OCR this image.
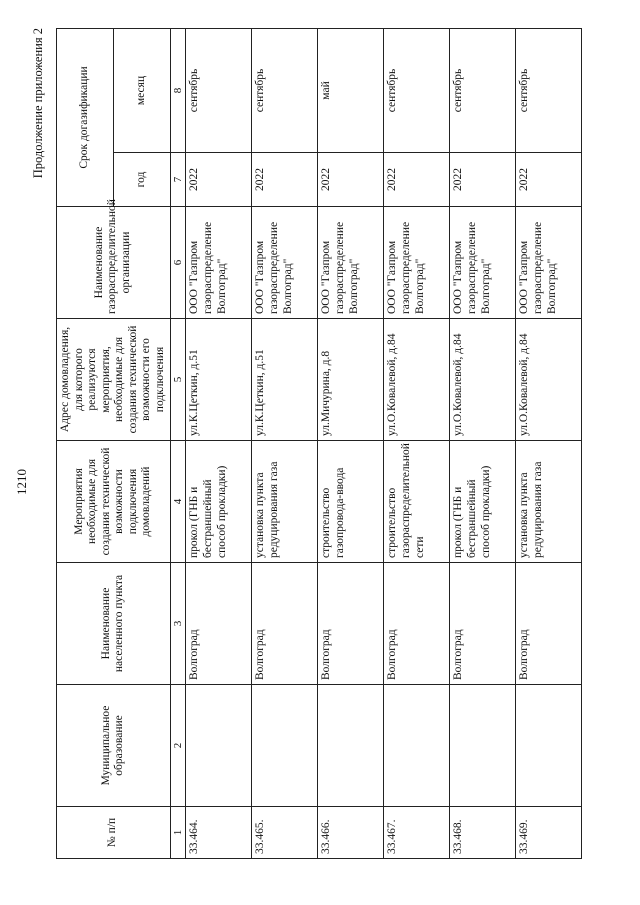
1210
Продолжение приложения 2
№ п/п	Муниципальное образование	Наименование населенного пункта	Мероприятия необходимые для создания технической возможности подключения домовладений	Адрес домовладения, для которого реализуются мероприятия, необходимые для создания технической возможности его подключения	Наименование газораспределительной организации	Срок догазификации	
						год	месяц
1	2	3	4	5	6	7	8
33.464.		Волгоград	прокол (ГНБ и бестраншейный способ прокладки)	ул.К.Цеткин, д.51	ООО "Газпром газораспределение Волгоград"	2022	сентябрь
33.465.		Волгоград	установка пункта редуцирования газа	ул.К.Цеткин, д.51	ООО "Газпром газораспределение Волгоград"	2022	сентябрь
33.466.		Волгоград	строительство газопровода-ввода	ул.Мичурина, д.8	ООО "Газпром газораспределение Волгоград"	2022	май
33.467.		Волгоград	строительство газораспределительной сети	ул.О.Ковалевой, д.84	ООО "Газпром газораспределение Волгоград"	2022	сентябрь
33.468.		Волгоград	прокол (ГНБ и бестраншейный способ прокладки)	ул.О.Ковалевой, д.84	ООО "Газпром газораспределение Волгоград"	2022	сентябрь
33.469.		Волгоград	установка пункта редуцирования газа	ул.О.Ковалевой, д.84	ООО "Газпром газораспределение Волгоград"	2022	сентябрь
